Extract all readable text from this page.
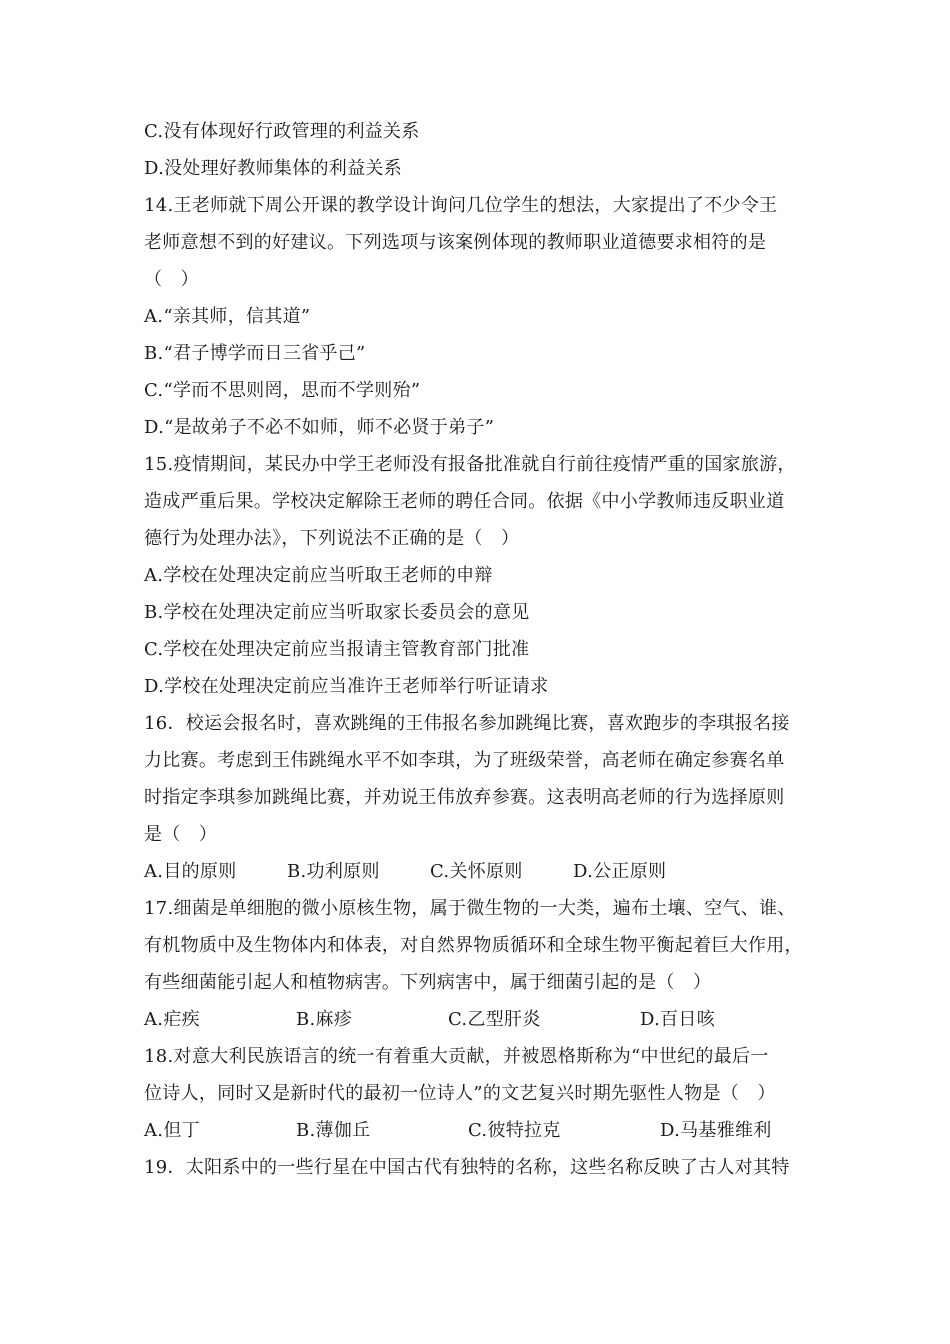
C.没有体现好行政管理的利益关系
D.没处理好教师集体的利益关系
14.王老师就下周公开课的教学设计询问几位学生的想法，大家提出了不少令王
老师意想不到的好建议。下列选项与该案例体现的教师职业道德要求相符的是
（　）
A.“亲其师，信其道”
B.“君子博学而日三省乎己”
C.“学而不思则罔，思而不学则殆”
D.“是故弟子不必不如师，师不必贤于弟子”
15.疫情期间，某民办中学王老师没有报备批准就自行前往疫情严重的国家旅游，
造成严重后果。学校决定解除王老师的聘任合同。依据《中小学教师违反职业道
德行为处理办法》，下列说法不正确的是（　）
A.学校在处理决定前应当听取王老师的申辩
B.学校在处理决定前应当听取家长委员会的意见
C.学校在处理决定前应当报请主管教育部门批准
D.学校在处理决定前应当准许王老师举行听证请求
16．校运会报名时，喜欢跳绳的王伟报名参加跳绳比赛，喜欢跑步的李琪报名接
力比赛。考虑到王伟跳绳水平不如李琪，为了班级荣誉，高老师在确定参赛名单
时指定李琪参加跳绳比赛，并劝说王伟放弃参赛。这表明高老师的行为选择原则
是（　）
A.目的原则	B.功利原则	C.关怀原则	D.公正原则
17.细菌是单细胞的微小原核生物，属于微生物的一大类，遍布土壤、空气、谁、
有机物质中及生物体内和体表，对自然界物质循环和全球生物平衡起着巨大作用，
有些细菌能引起人和植物病害。下列病害中，属于细菌引起的是（　）
A.疟疾	B.麻疹	C.乙型肝炎	D.百日咳
18.对意大利民族语言的统一有着重大贡献，并被恩格斯称为“中世纪的最后一
位诗人，同时又是新时代的最初一位诗人”的文艺复兴时期先驱性人物是（　）
A.但丁	B.薄伽丘	C.彼特拉克	D.马基雅维利
19．太阳系中的一些行星在中国古代有独特的名称，这些名称反映了古人对其特
